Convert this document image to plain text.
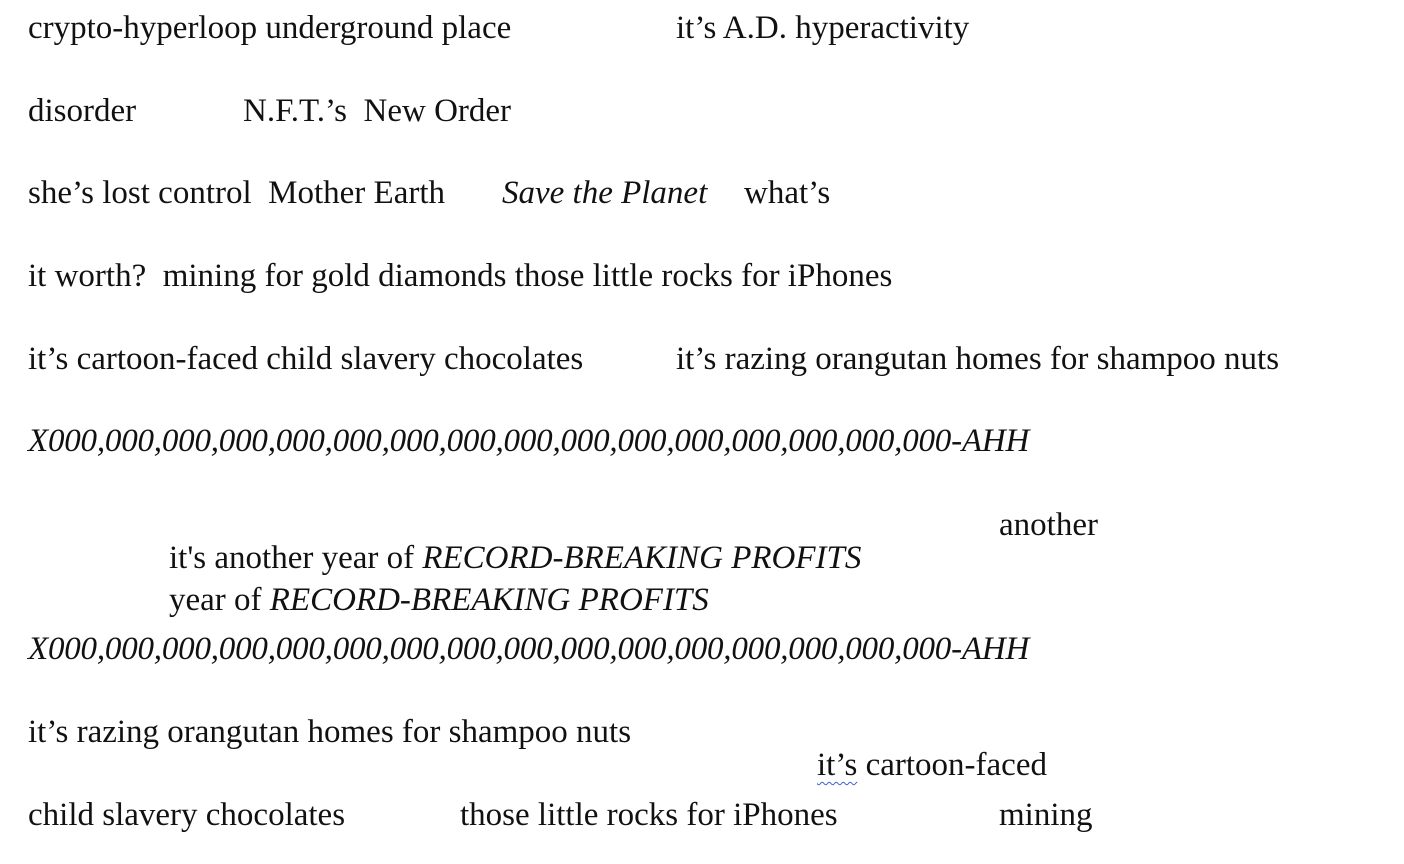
crypto-hyperloop underground place	it’s A.D. hyperactivity
disorder	N.F.T.’s  New Order
she’s lost control  Mother Earth Save the Planet what’s
it worth?  mining for gold diamonds those little rocks for iPhones
it’s cartoon-faced child slavery chocolates	it’s razing orangutan homes for shampoo nuts
X000,000,000,000,000,000,000,000,000,000,000,000,000,000,000,000-AHH

it's another year of RECORD-BREAKING PROFITS

another

year of RECORD-BREAKING PROFITS

X000,000,000,000,000,000,000,000,000,000,000,000,000,000,000,000-AHH
it’s razing orangutan homes for shampoo nuts

it’s cartoon-faced

child slavery chocolates	those little rocks for iPhones	mining
